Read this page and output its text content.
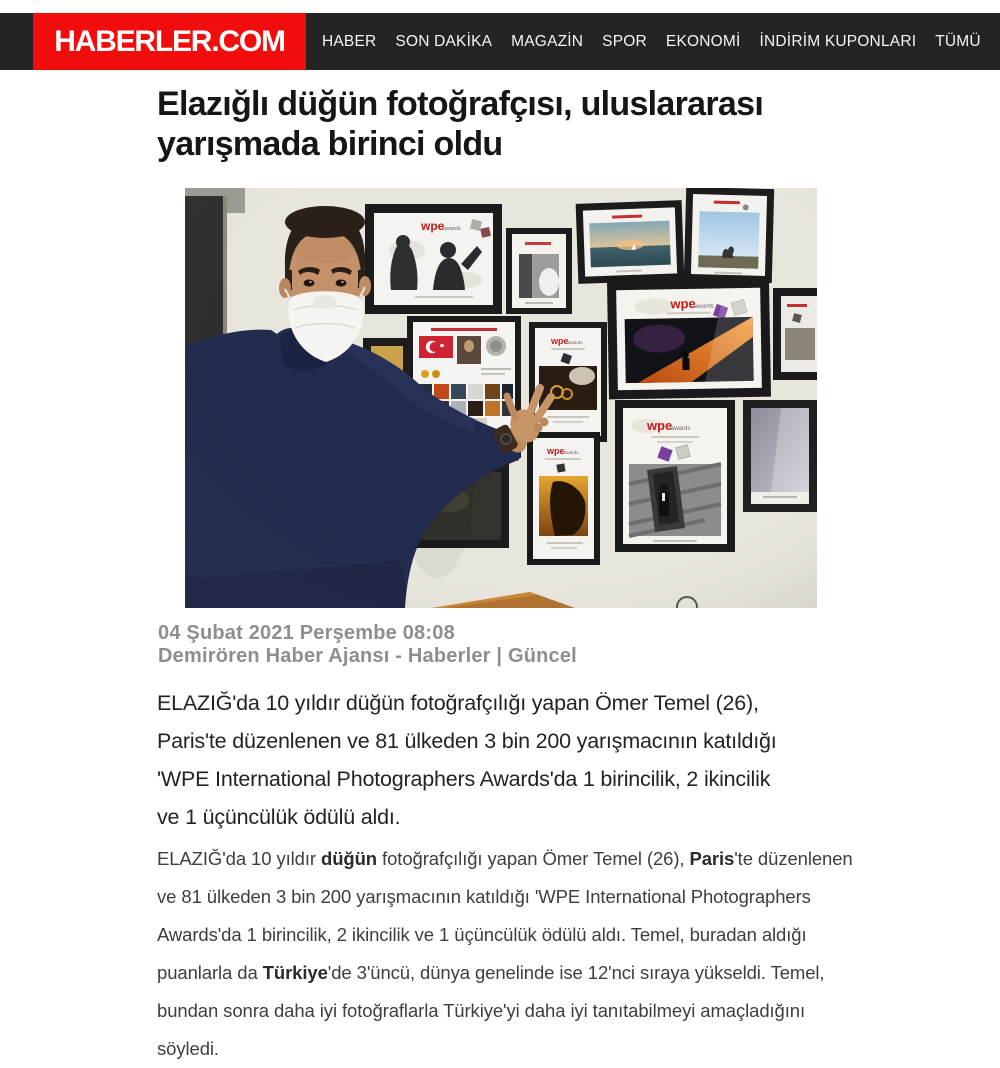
HABERLER.COM HABER SON DAKİKA MAGAZİN SPOR EKONOMİ İNDİRİM KUPONLARI TÜMÜ
Elazığlı düğün fotoğrafçısı, uluslararası
yarışmada birinci oldu
wpe
awards
wpe
awards
wpe
awards
wpe awards
wpe awards
04 Şubat 2021 Perşembe 08:08
Demirören Haber Ajansı - Haberler | Güncel
ELAZIĞ'da 10 yıldır düğün fotoğrafçılığı yapan Ömer Temel (26),
Paris'te düzenlenen ve 81 ülkeden 3 bin 200 yarışmacının katıldığı
'WPE International Photographers Awards'da 1 birincilik, 2 ikincilik
ve 1 üçüncülük ödülü aldı.
ELAZIĞ'da 10 yıldır düğün fotoğrafçılığı yapan Ömer Temel (26), Paris'te düzenlenen
ve 81 ülkeden 3 bin 200 yarışmacının katıldığı 'WPE International Photographers
Awards'da 1 birincilik, 2 ikincilik ve 1 üçüncülük ödülü aldı. Temel, buradan aldığı
puanlarla da Türkiye'de 3'üncü, dünya genelinde ise 12'nci sıraya yükseldi. Temel,
bundan sonra daha iyi fotoğraflarla Türkiye'yi daha iyi tanıtabilmeyi amaçladığını
söyledi.
